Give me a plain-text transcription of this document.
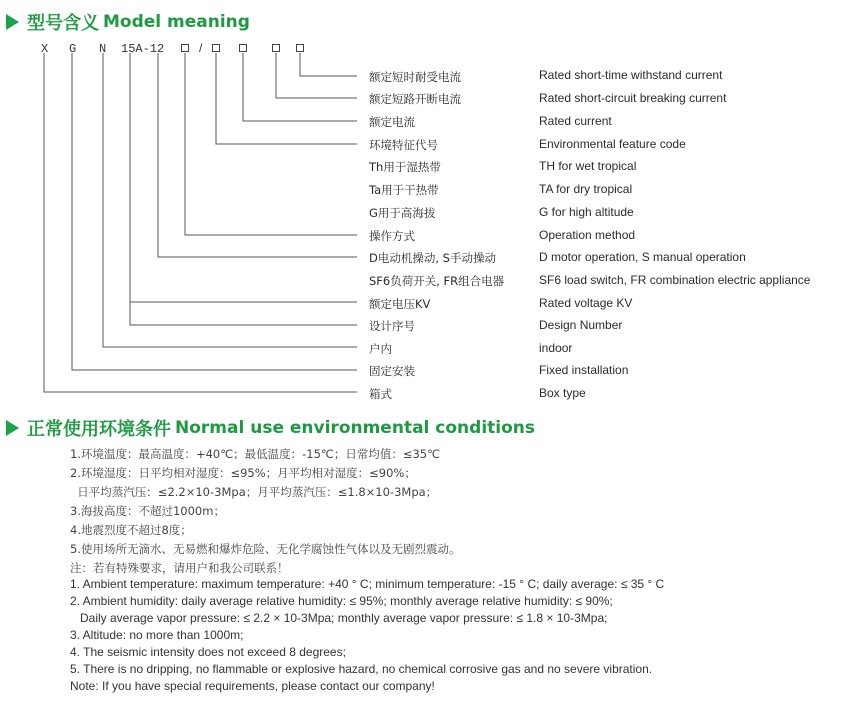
型号含义 Model meaning
X G N 15A-12	/
额定短时耐受电流	Rated short-time withstand current
额定短路开断电流	Rated short-circuit breaking current
额定电流	Rated current
环境特征代号	Environmental feature code
Th用于湿热带	TH for wet tropical
Ta用于干热带	TA for dry tropical
G用于高海拔	G for high altitude
操作方式	Operation method
D电动机操动, S手动操动	D motor operation, S manual operation
SF6负荷开关, FR组合电器	SF6 load switch, FR combination electric appliance
额定电压KV	Rated voltage KV
设计序号	Design Number
户内	indoor
固定安装	Fixed installation
箱式	Box type
正常使用环境条件 Normal use environmental conditions
1.环境温度：最高温度：+40℃；最低温度：-15℃；日常均值：≤35℃
2.环境湿度：日平均相对湿度：≤95%；月平均相对湿度：≤90%；
日平均蒸汽压：≤2.2×10-3Mpa；月平均蒸汽压：≤1.8×10-3Mpa；
3.海拔高度：不超过1000m；
4.地震烈度不超过8度；
5.使用场所无滴水、无易燃和爆炸危险、无化学腐蚀性气体以及无剧烈震动。
注：若有特殊要求，请用户和我公司联系！
1. Ambient temperature: maximum temperature: +40 ° C; minimum temperature: -15 ° C; daily average: ≤ 35 ° C
2. Ambient humidity: daily average relative humidity: ≤ 95%; monthly average relative humidity: ≤ 90%;
Daily average vapor pressure: ≤ 2.2 × 10-3Mpa; monthly average vapor pressure: ≤ 1.8 × 10-3Mpa;
3. Altitude: no more than 1000m;
4. The seismic intensity does not exceed 8 degrees;
5. There is no dripping, no flammable or explosive hazard, no chemical corrosive gas and no severe vibration.
Note: If you have special requirements, please contact our company!
